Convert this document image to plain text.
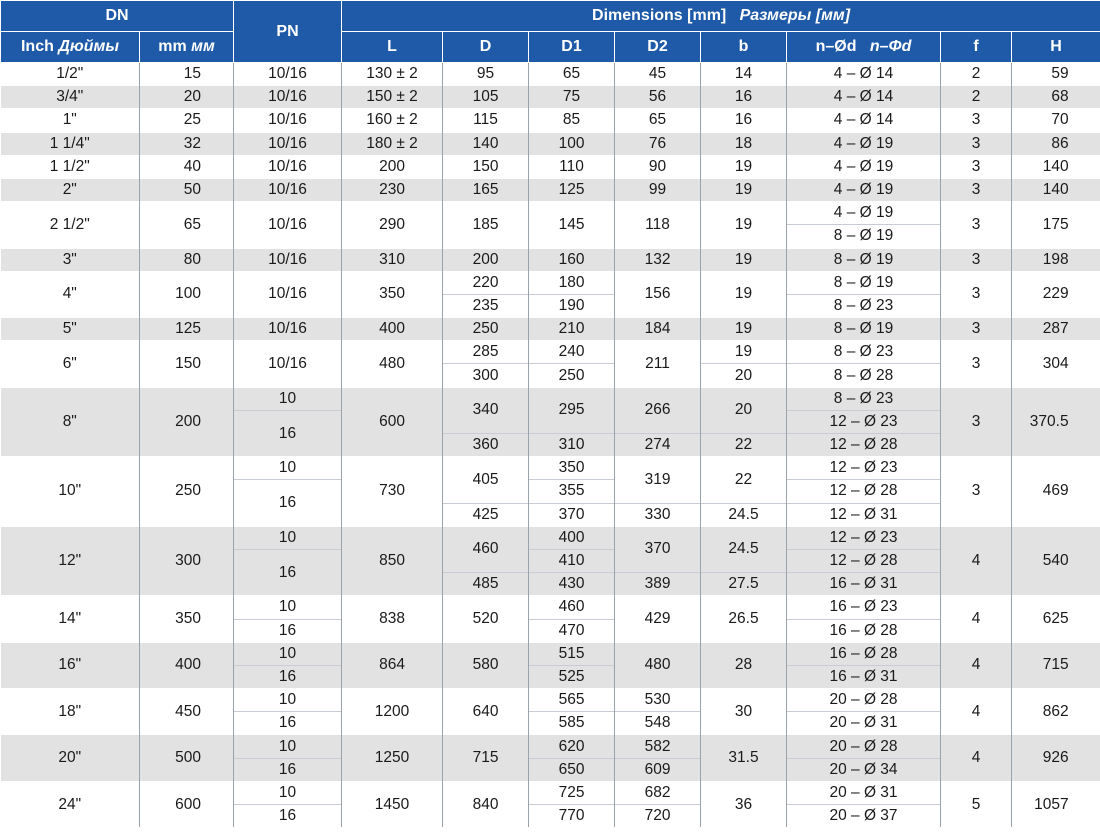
DN		PN	Dimensions [mm] Размеры [мм]							
Inch Дюймы	mm мм		L	D	D1	D2	b	n–Ød n–Φd	f	H
1/2"	15	10/16	130 ± 2	95	65	45	14	4 – Ø 14	2	59
3/4"	20	10/16	150 ± 2	105	75	56	16	4 – Ø 14	2	68
1"	25	10/16	160 ± 2	115	85	65	16	4 – Ø 14	3	70
1 1/4"	32	10/16	180 ± 2	140	100	76	18	4 – Ø 19	3	86
1 1/2"	40	10/16	200	150	110	90	19	4 – Ø 19	3	140
2"	50	10/16	230	165	125	99	19	4 – Ø 19	3	140
2 1/2"	65	10/16	290	185	145	118	19	4 – Ø 19	3	175
								8 – Ø 19		
3"	80	10/16	310	200	160	132	19	8 – Ø 19	3	198
4"	100	10/16	350	220	180	156	19	8 – Ø 19	3	229
				235	190			8 – Ø 23		
5"	125	10/16	400	250	210	184	19	8 – Ø 19	3	287
6"	150	10/16	480	285	240	211	19	8 – Ø 23	3	304
				300	250		20	8 – Ø 28		
8"	200	10	600	340	295	266	20	8 – Ø 23	3	370.5
		16						12 – Ø 23		
				360	310	274	22	12 – Ø 28		
10"	250	10	730	405	350	319	22	12 – Ø 23	3	469
		16			355			12 – Ø 28		
				425	370	330	24.5	12 – Ø 31		
12"	300	10	850	460	400	370	24.5	12 – Ø 23	4	540
		16			410			12 – Ø 28		
				485	430	389	27.5	16 – Ø 31		
14"	350	10	838	520	460	429	26.5	16 – Ø 23	4	625
		16			470			16 – Ø 28		
16"	400	10	864	580	515	480	28	16 – Ø 28	4	715
		16			525			16 – Ø 31		
18"	450	10	1200	640	565	530	30	20 – Ø 28	4	862
		16			585	548		20 – Ø 31		
20"	500	10	1250	715	620	582	31.5	20 – Ø 28	4	926
		16			650	609		20 – Ø 34		
24"	600	10	1450	840	725	682	36	20 – Ø 31	5	1057
		16			770	720		20 – Ø 37		
